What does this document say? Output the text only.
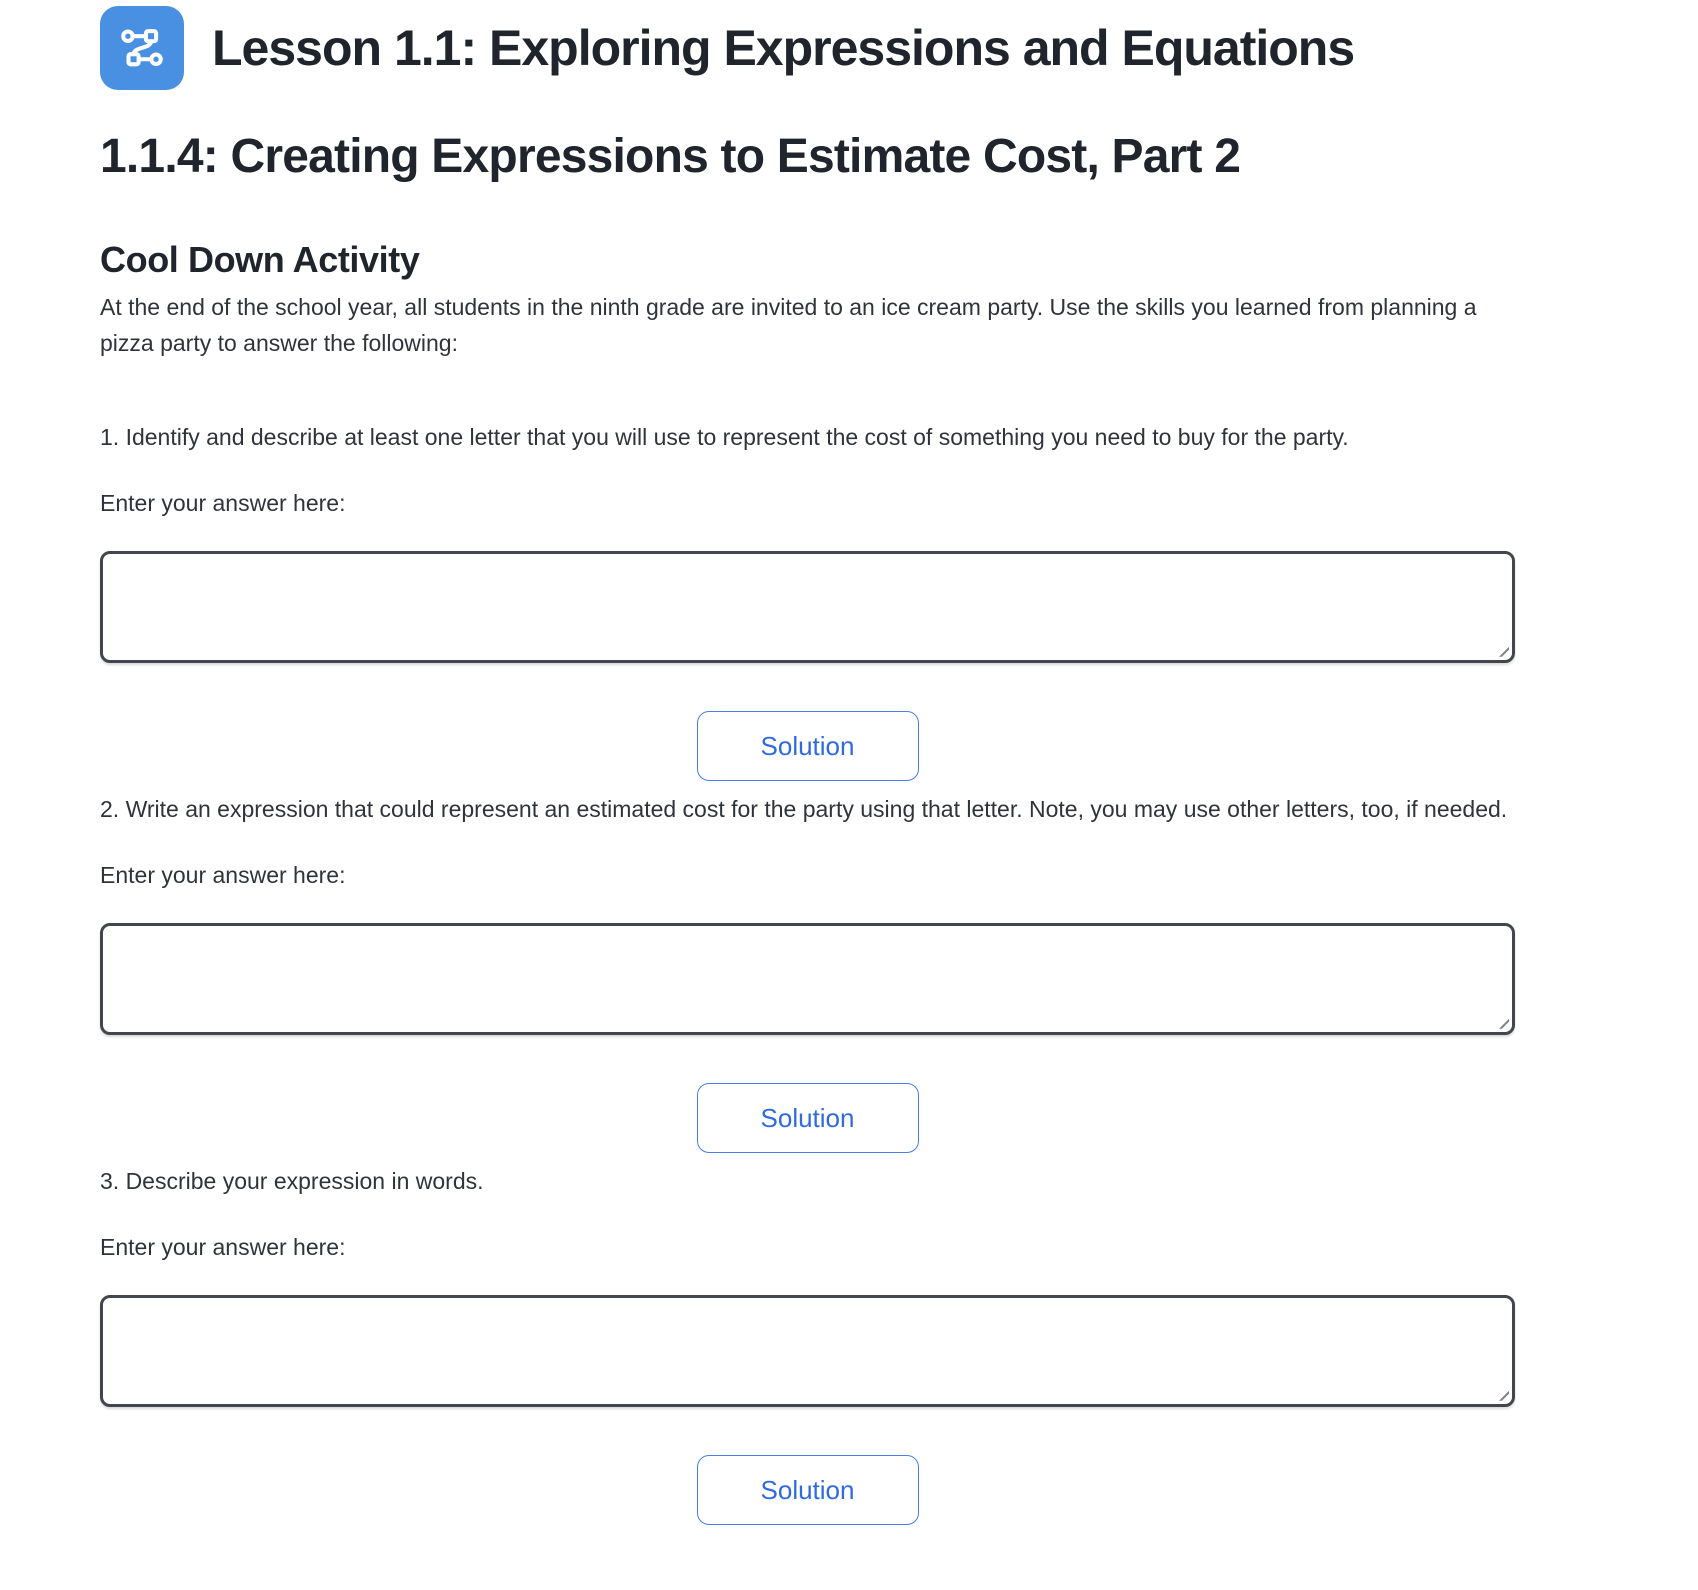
Lesson 1.1: Exploring Expressions and Equations
1.1.4: Creating Expressions to Estimate Cost, Part 2
Cool Down Activity

At the end of the school year, all students in the ninth grade are invited to an ice cream party. Use the skills you learned from planning a pizza party to answer the following:

1. Identify and describe at least one letter that you will use to represent the cost of something you need to buy for the party.

Enter your answer here:

Solution

2. Write an expression that could represent an estimated cost for the party using that letter. Note, you may use other letters, too, if needed.

Enter your answer here:

Solution

3. Describe your expression in words.

Enter your answer here:

Solution
